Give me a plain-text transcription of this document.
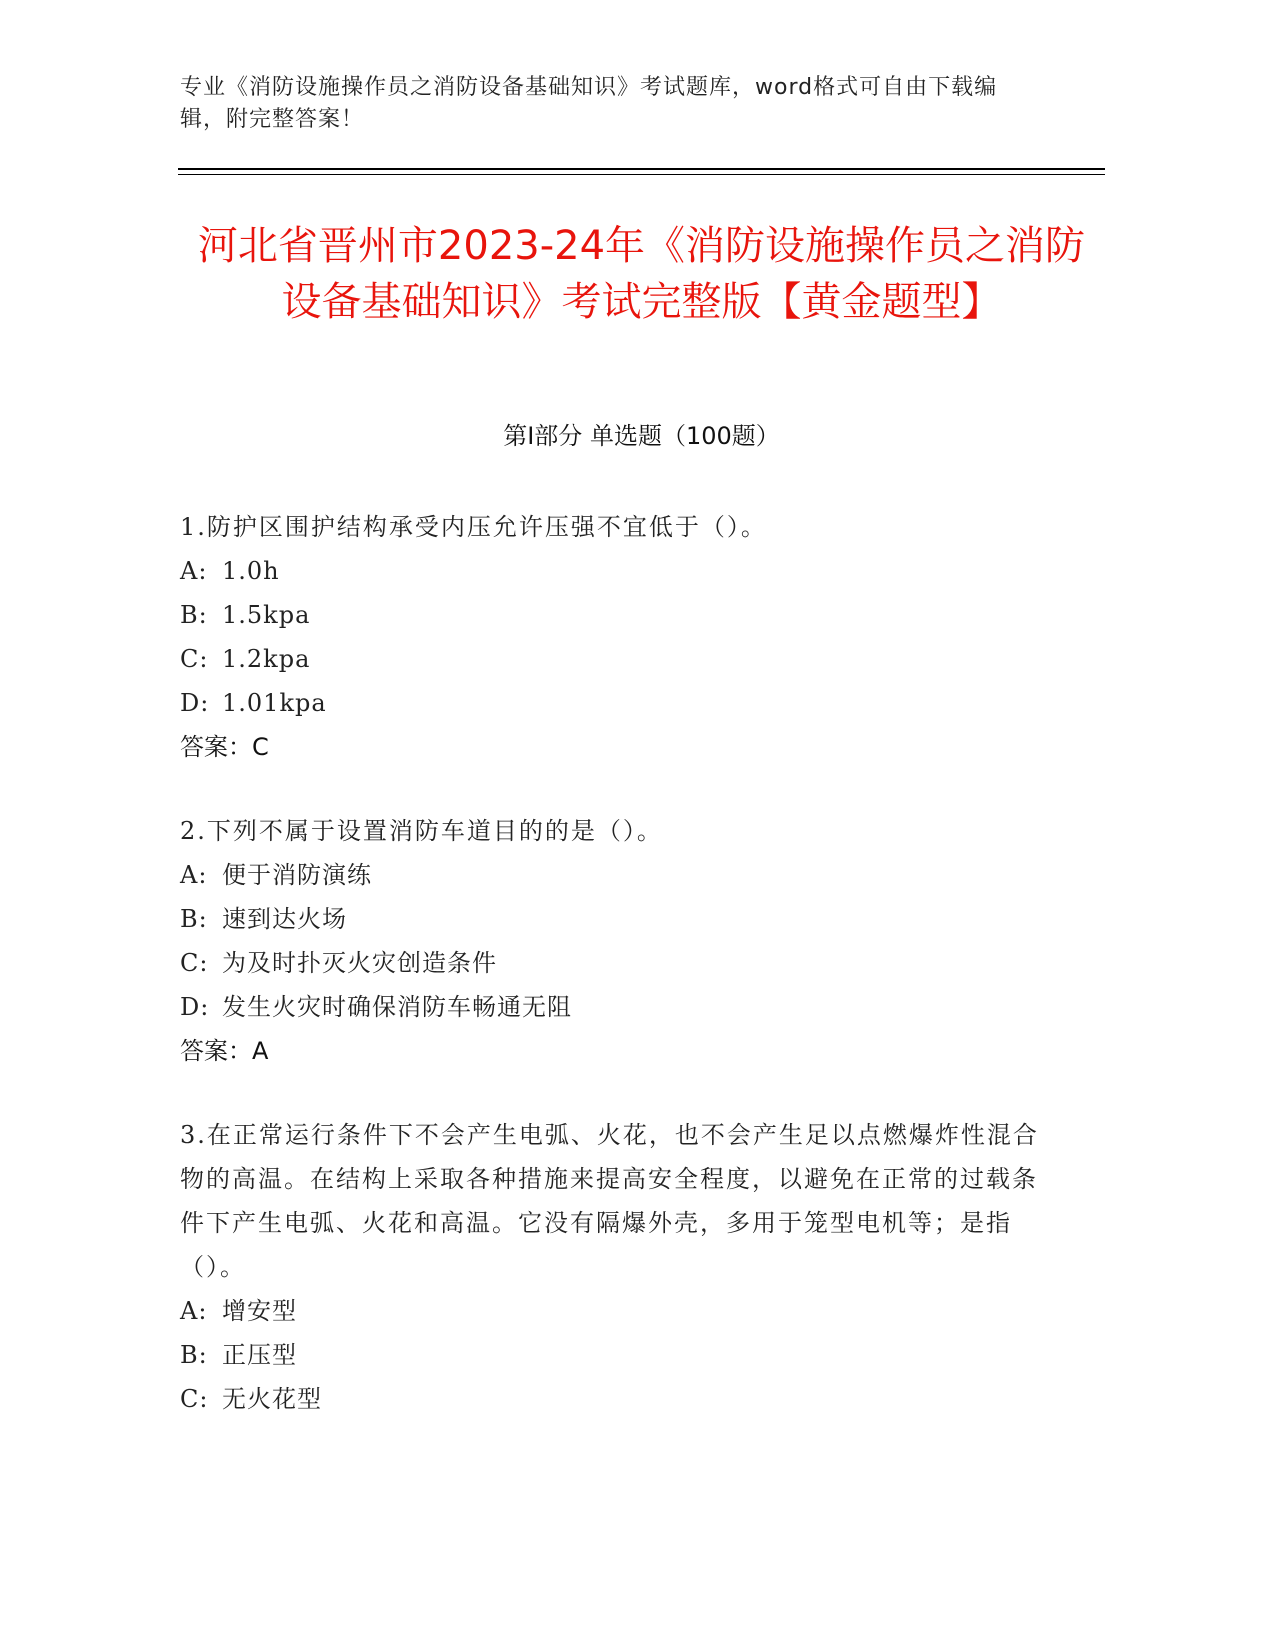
专业《消防设施操作员之消防设备基础知识》考试题库，word格式可自由下载编辑，附完整答案！
河北省晋州市2023-24年《消防设施操作员之消防设备基础知识》考试完整版【黄金题型】
第Ⅰ部分 单选题（100题）
1.防护区围护结构承受内压允许压强不宜低于（）。
A: 1.0h
B: 1.5kpa
C: 1.2kpa
D: 1.01kpa
答案：C
2.下列不属于设置消防车道目的的是（）。
A: 便于消防演练
B: 速到达火场
C: 为及时扑灭火灾创造条件
D: 发生火灾时确保消防车畅通无阻
答案：A
3.在正常运行条件下不会产生电弧、火花，也不会产生足以点燃爆炸性混合物的高温。在结构上采取各种措施来提高安全程度，以避免在正常的过载条件下产生电弧、火花和高温。它没有隔爆外壳，多用于笼型电机等；是指（）。
A: 增安型
B: 正压型
C: 无火花型
